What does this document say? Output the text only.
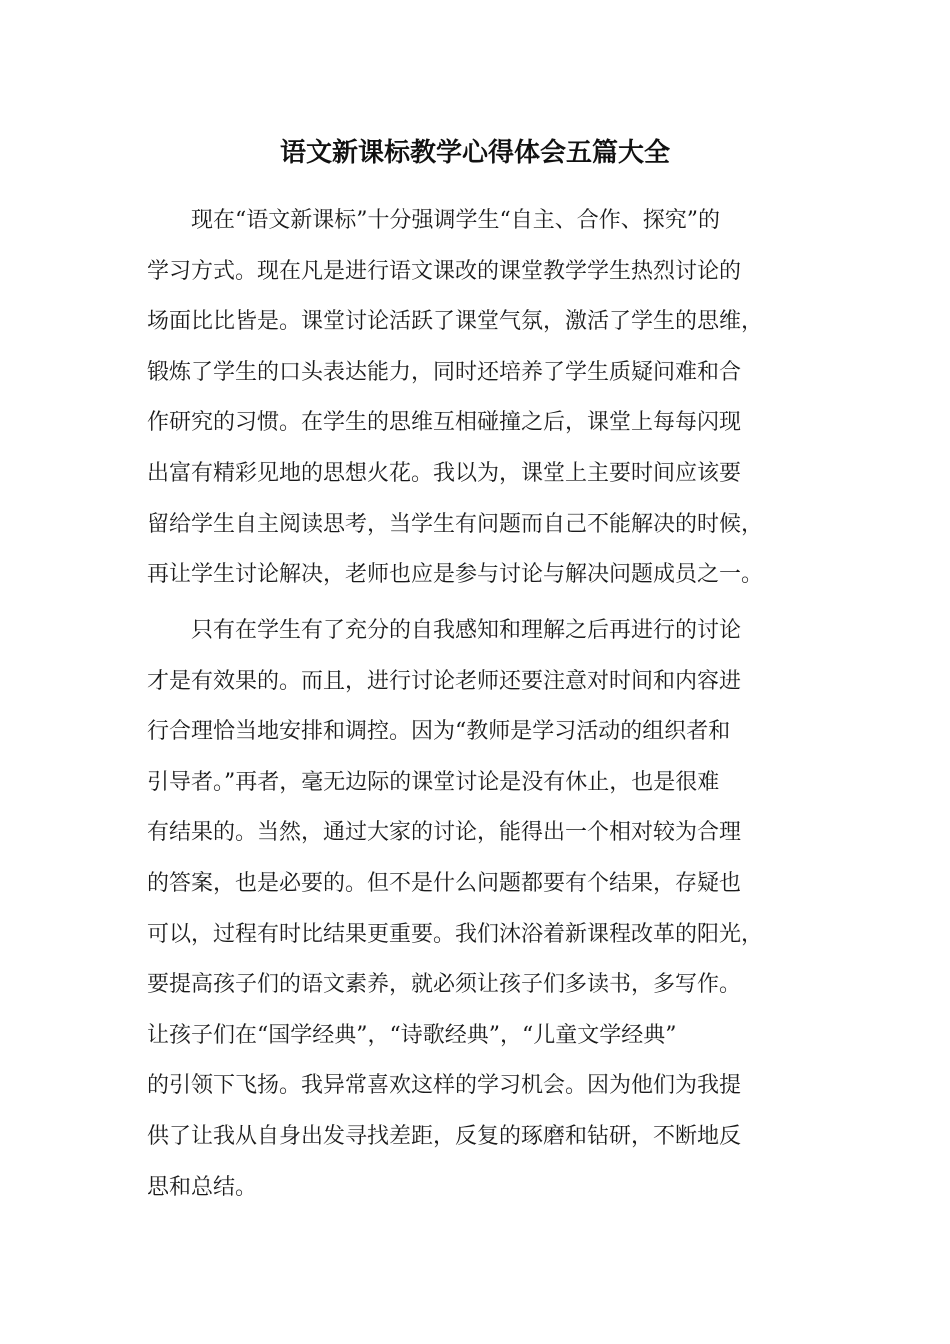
语文新课标教学心得体会五篇大全
　　现在“语文新课标”十分强调学生“自主、合作、探究”的
学习方式。现在凡是进行语文课改的课堂教学学生热烈讨论的
场面比比皆是。课堂讨论活跃了课堂气氛，激活了学生的思维，
锻炼了学生的口头表达能力，同时还培养了学生质疑问难和合
作研究的习惯。在学生的思维互相碰撞之后，课堂上每每闪现
出富有精彩见地的思想火花。我以为，课堂上主要时间应该要
留给学生自主阅读思考，当学生有问题而自己不能解决的时候，
再让学生讨论解决，老师也应是参与讨论与解决问题成员之一。
　　只有在学生有了充分的自我感知和理解之后再进行的讨论
才是有效果的。而且，进行讨论老师还要注意对时间和内容进
行合理恰当地安排和调控。因为“教师是学习活动的组织者和
引导者。”再者，毫无边际的课堂讨论是没有休止，也是很难
有结果的。当然，通过大家的讨论，能得出一个相对较为合理
的答案，也是必要的。但不是什么问题都要有个结果，存疑也
可以，过程有时比结果更重要。我们沐浴着新课程改革的阳光，
要提高孩子们的语文素养，就必须让孩子们多读书，多写作。
让孩子们在“国学经典”，“诗歌经典”，“儿童文学经典”
的引领下飞扬。我异常喜欢这样的学习机会。因为他们为我提
供了让我从自身出发寻找差距，反复的琢磨和钻研，不断地反
思和总结。
